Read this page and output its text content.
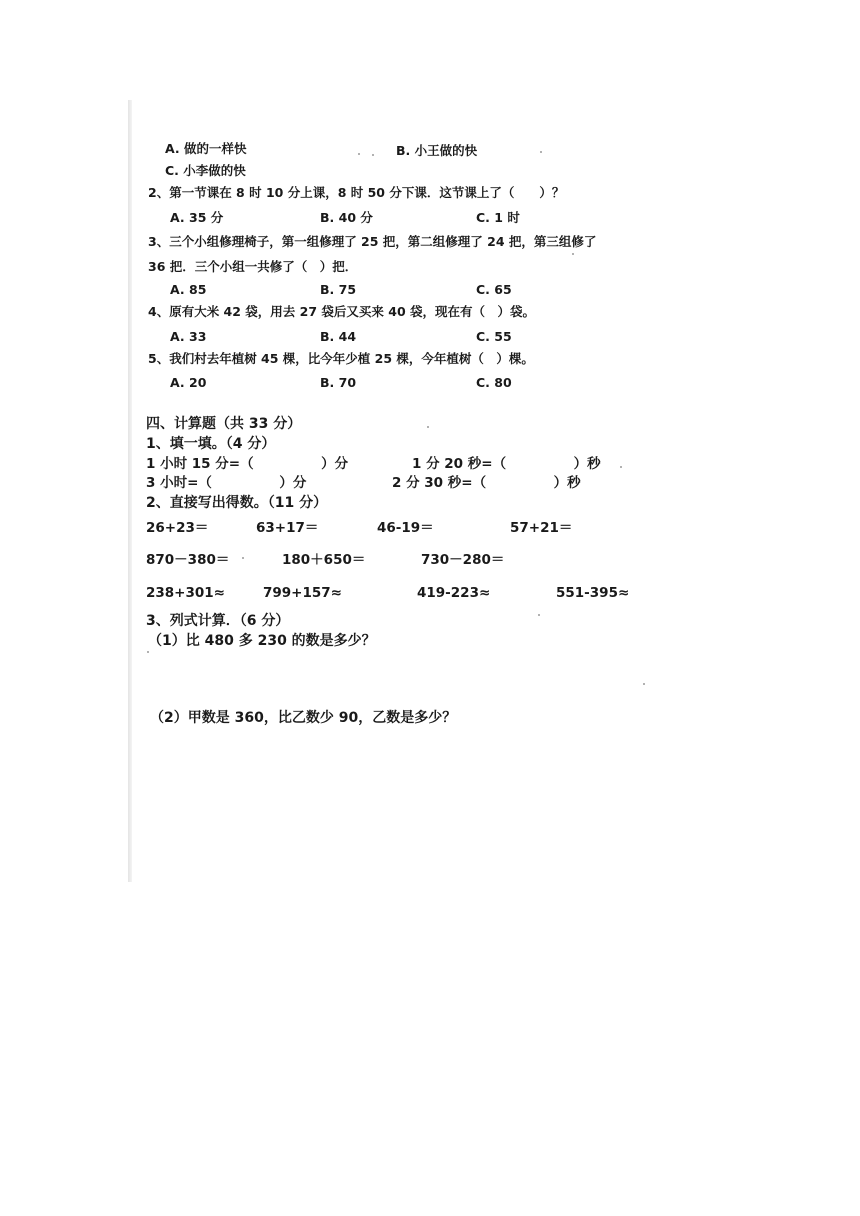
A. 做的一样快	B. 小王做的快
C. 小李做的快
2、第一节课在 8 时 10 分上课，8 时 50 分下课．这节课上了（　　）？
A. 35 分	B. 40 分	C. 1 时
3、三个小组修理椅子，第一组修理了 25 把，第二组修理了 24 把，第三组修了
36 把．三个小组一共修了（　）把．
A. 85	B. 75	C. 65
4、原有大米 42 袋，用去 27 袋后又买来 40 袋，现在有（　）袋。
A. 33	B. 44	C. 55
5、我们村去年植树 45 棵，比今年少植 25 棵，今年植树（　）棵。
A. 20	B. 70	C. 80
四、计算题（共 33 分）
1、填一填。（4 分）
1 小时 15 分=（　　　　　）分	1 分 20 秒=（　　　　　）秒
3 小时=（　　　　　）分	2 分 30 秒=（　　　　　）秒
2、直接写出得数。（11 分）
26+23＝	63+17＝	46-19＝	57+21＝
870－380＝	180＋650＝	730－280＝
238+301≈	799+157≈	419-223≈	551-395≈
3、列式计算．（6 分）
（1）比 480 多 230 的数是多少？
（2）甲数是 360，比乙数少 90，乙数是多少？
